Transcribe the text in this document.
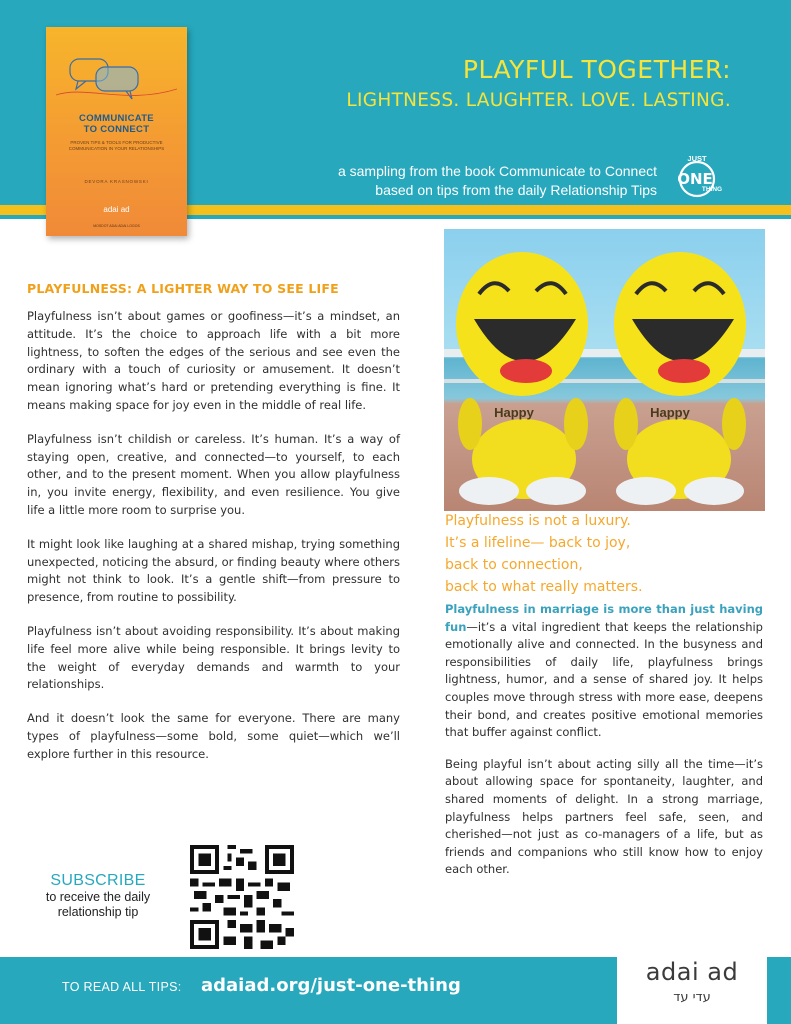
PLAYFUL TOGETHER:
LIGHTNESS. LAUGHTER. LOVE. LASTING.
a sampling from the book Communicate to Connect
based on tips from the daily Relationship Tips
JUST
ONE
THING
COMMUNICATE
TO CONNECT
PROVEN TIPS & TOOLS FOR PRODUCTIVE COMMUNICATION IN YOUR RELATIONSHIPS
DEVORA KRASNOWSKI
adai ad
MOSDOT ADAI ADAI LOGOS
PLAYFULNESS: A LIGHTER WAY TO SEE LIFE

Playfulness isn’t about games or goofiness—it’s a mindset, an attitude. It’s the choice to approach life with a bit more lightness, to soften the edges of the serious and see even the ordinary with a touch of curiosity or amusement. It doesn’t mean ignoring what’s hard or pretending everything is fine. It means making space for joy even in the middle of real life.

Playfulness isn’t childish or careless. It’s human. It’s a way of staying open, creative, and connected—to yourself, to each other, and to the present moment. When you allow playfulness in, you invite energy, flexibility, and even resilience. You give life a little more room to surprise you.

It might look like laughing at a shared mishap, trying something unexpected, noticing the absurd, or finding beauty where others might not think to look. It’s a gentle shift—from pressure to presence, from routine to possibility.

Playfulness isn’t about avoiding responsibility. It’s about making life feel more alive while being responsible. It brings levity to the weight of everyday demands and warmth to your relationships.

And it doesn’t look the same for everyone. There are many types of playfulness—some bold, some quiet—which we’ll explore further in this resource.

Happy	Happy
Playfulness is not a luxury.
It’s a lifeline— back to joy,
back to connection,
back to what really matters.

Playfulness in marriage is more than just having fun—it’s a vital ingredient that keeps the relationship emotionally alive and connected. In the busyness and responsibilities of daily life, playfulness brings lightness, humor, and a sense of shared joy. It helps couples move through stress with more ease, deepens their bond, and creates positive emotional memories that buffer against conflict.

Being playful isn’t about acting silly all the time—it’s about allowing space for spontaneity, laughter, and shared moments of delight. In a strong marriage, playfulness helps partners feel safe, seen, and cherished—not just as co-managers of a life, but as friends and companions who still know how to enjoy each other.

SUBSCRIBE
to receive the daily
relationship tip
TO READ ALL TIPS: adaiad.org/just-one-thing	adai ad
עדי עד
